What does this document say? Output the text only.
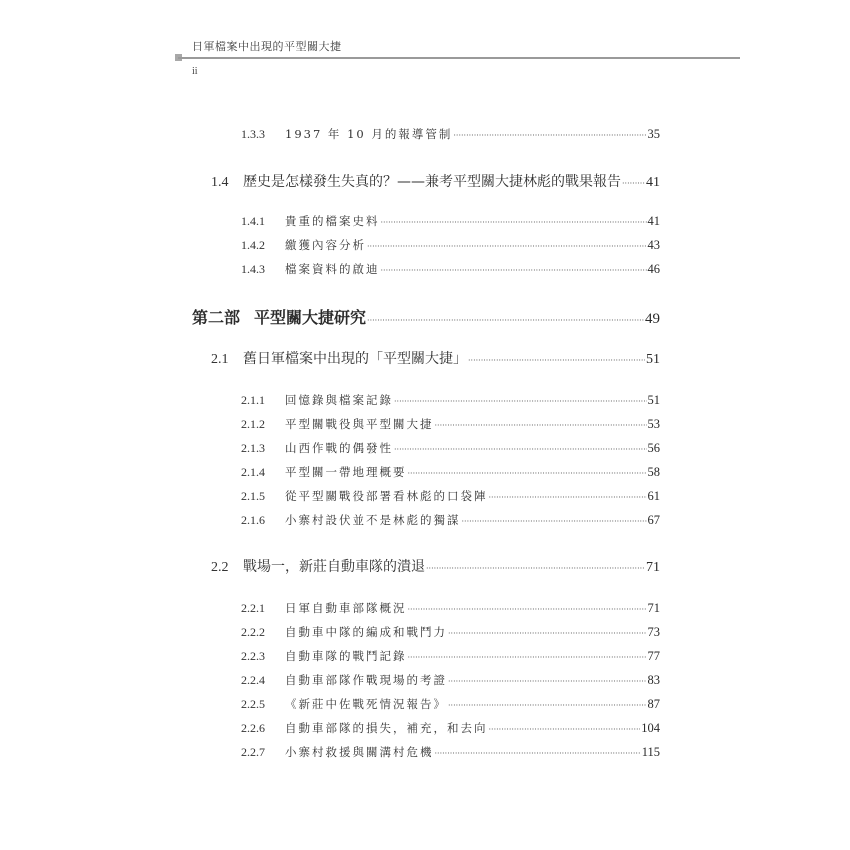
日軍檔案中出現的平型關大捷
ii
1.3.3	1937 年 10 月的報導管制 ·····	35
1.4	歷史是怎樣發生失真的？——兼考平型關大捷林彪的戰果報告 ····· 41
1.4.1	貴重的檔案史料 ·····	41
1.4.2	繳獲內容分析 ·····	43
1.4.3	檔案資料的啟迪 ·····	46
第二部 平型關大捷研究 ·····	49
2.1	舊日軍檔案中出現的「平型關大捷」 ·····	51
2.1.1	回憶錄與檔案記錄 ·····	51
2.1.2	平型關戰役與平型關大捷 ·····	53
2.1.3	山西作戰的偶發性 ·····	56
2.1.4	平型關一帶地理概要 ·····	58
2.1.5	從平型關戰役部署看林彪的口袋陣 ·····	61
2.1.6	小寨村設伏並不是林彪的獨謀 ·····	67
2.2	戰場一，新莊自動車隊的潰退 ·····	71
2.2.1	日軍自動車部隊概況 ·····	71
2.2.2	自動車中隊的編成和戰鬥力 ·····	73
2.2.3	自動車隊的戰鬥記錄 ·····	77
2.2.4	自動車部隊作戰現場的考證 ·····	83
2.2.5	《新莊中佐戰死情況報告》 ·····	87
2.2.6	自動車部隊的損失，補充，和去向 ·····	104
2.2.7	小寨村救援與關溝村危機 ·····	115
